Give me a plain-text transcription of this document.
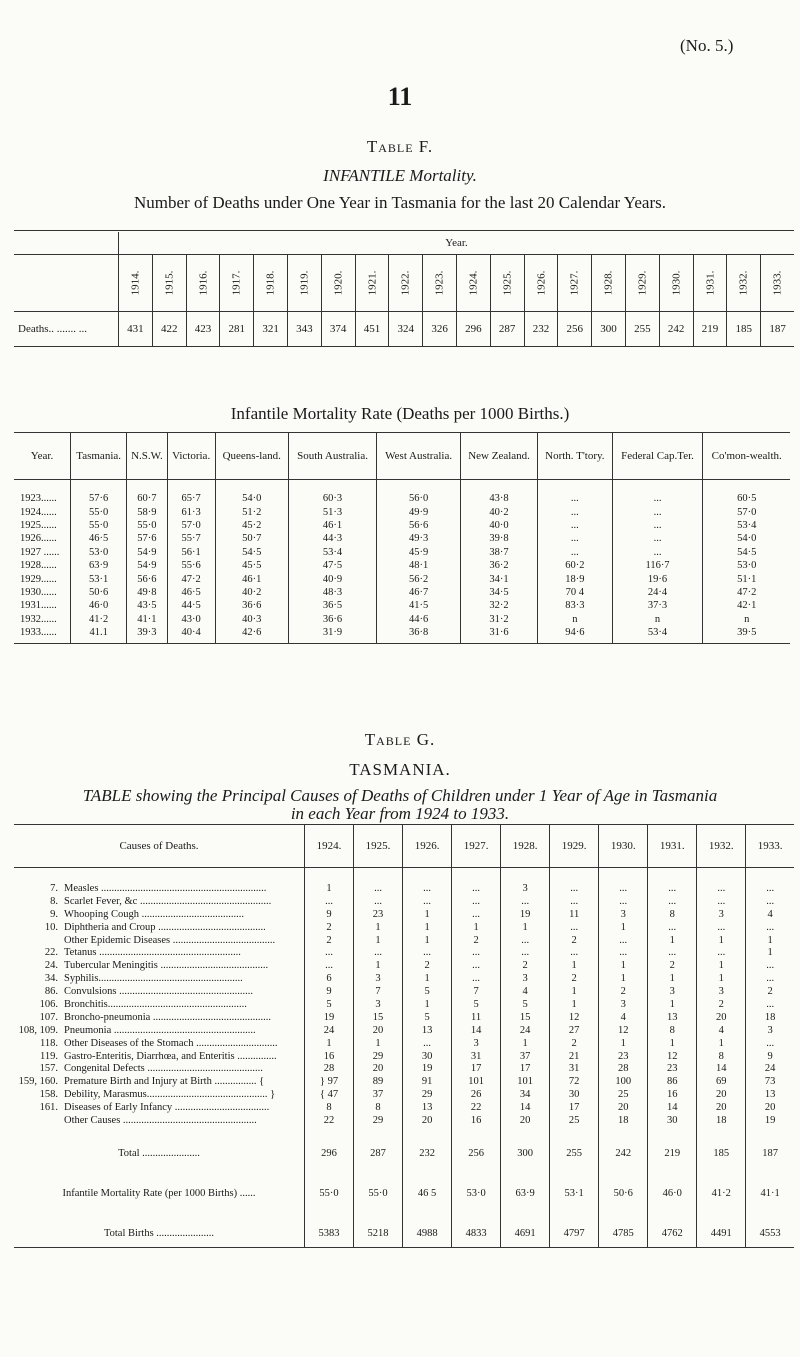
(No. 5.)
11
Table F.
INFANTILE Mortality.
Number of Deaths under One Year in Tasmania for the last 20 Calendar Years.
	Year.																			
	1914.	1915.	1916.	1917.	1918.	1919.	1920.	1921.	1922.	1923.	1924.	1925.	1926.	1927.	1928.	1929.	1930.	1931.	1932.	1933.
Deaths.. ....... ...	431	422	423	281	321	343	374	451	324	326	296	287	232	256	300	255	242	219	185	187
Infantile Mortality Rate (Deaths per 1000 Births.)
Year.	Tasmania.	N.S.W.	Victoria.	Queens-land.	South Australia.	West Australia.	New Zealand.	North. T'tory.	Federal Cap.Ter.	Co'mon-wealth.

1923......	57·6	60·7	65·7	54·0	60·3	56·0	43·8	...	...	60·5
1924......	55·0	58·9	61·3	51·2	51·3	49·9	40·2	...	...	57·0
1925......	55·0	55·0	57·0	45·2	46·1	56·6	40·0	...	...	53·4
1926......	46·5	57·6	55·7	50·7	44·3	49·3	39·8	...	...	54·0
1927 ......	53·0	54·9	56·1	54·5	53·4	45·9	38·7	...	...	54·5
1928......	63·9	54·9	55·6	45·5	47·5	48·1	36·2	60·2	116·7	53·0
1929......	53·1	56·6	47·2	46·1	40·9	56·2	34·1	18·9	19·6	51·1
1930......	50·6	49·8	46·5	40·2	48·3	46·7	34·5	70 4	24·4	47·2
1931......	46·0	43·5	44·5	36·6	36·5	41·5	32·2	83·3	37·3	42·1
1932......	41·2	41·1	43·0	40·3	36·6	44·6	31·2	n	n	n
1933......	41.1	39·3	40·4	42·6	31·9	36·8	31·6	94·6	53·4	39·5
Table G.
TASMANIA.
TABLE showing the Principal Causes of Deaths of Children under 1 Year of Age in Tasmania
in each Year from 1924 to 1933.
Causes of Deaths.		1924.	1925.	1926.	1927.	1928.	1929.	1930.	1931.	1932.	1933.

7.	Measles ...............................................................	1	...	...	...	3	...	...	...	...	...
8.	Scarlet Fever, &c ..................................................	...	...	...	...	...	...	...	...	...	...
9.	Whooping Cough .......................................	9	23	1	...	19	11	3	8	3	4
10.	Diphtheria and Croup .........................................	2	1	1	1	1	...	1	...	...	...
	Other Epidemic Diseases .......................................	2	1	1	2	...	2	...	1	1	1
22.	Tetanus ......................................................	...	...	...	...	...	...	...	...	...	1
24.	Tubercular Meningitis .........................................	...	1	2	...	2	1	1	2	1	...
34.	Syphilis.......................................................	6	3	1	...	3	2	1	1	1	...
86.	Convulsions ...................................................	9	7	5	7	4	1	2	3	3	2
106.	Bronchitis.....................................................	5	3	1	5	5	1	3	1	2	...
107.	Broncho-pneumonia .............................................	19	15	5	11	15	12	4	13	20	18
108, 109.	Pneumonia ......................................................	24	20	13	14	24	27	12	8	4	3
118.	Other Diseases of the Stomach ...............................	1	1	...	3	1	2	1	1	1	...
119.	Gastro-Enteritis, Diarrhœa, and Enteritis ...............	16	29	30	31	37	21	23	12	8	9
157.	Congenital Defects ............................................	28	20	19	17	17	31	28	23	14	24
159, 160.	Premature Birth and Injury at Birth ................ {	} 97	89	91	101	101	72	100	86	69	73
158.	Debility, Marasmus.............................................. }	{ 47	37	29	26	34	30	25	16	20	13
161.	Diseases of Early Infancy ....................................	8	8	13	22	14	17	20	14	20	20
	Other Causes ...................................................	22	29	20	16	20	25	18	30	18	19

Total ......................		296	287	232	256	300	255	242	219	185	187

Infantile Mortality Rate (per 1000 Births) ......		55·0	55·0	46 5	53·0	63·9	53·1	50·6	46·0	41·2	41·1

Total Births ......................		5383	5218	4988	4833	4691	4797	4785	4762	4491	4553
